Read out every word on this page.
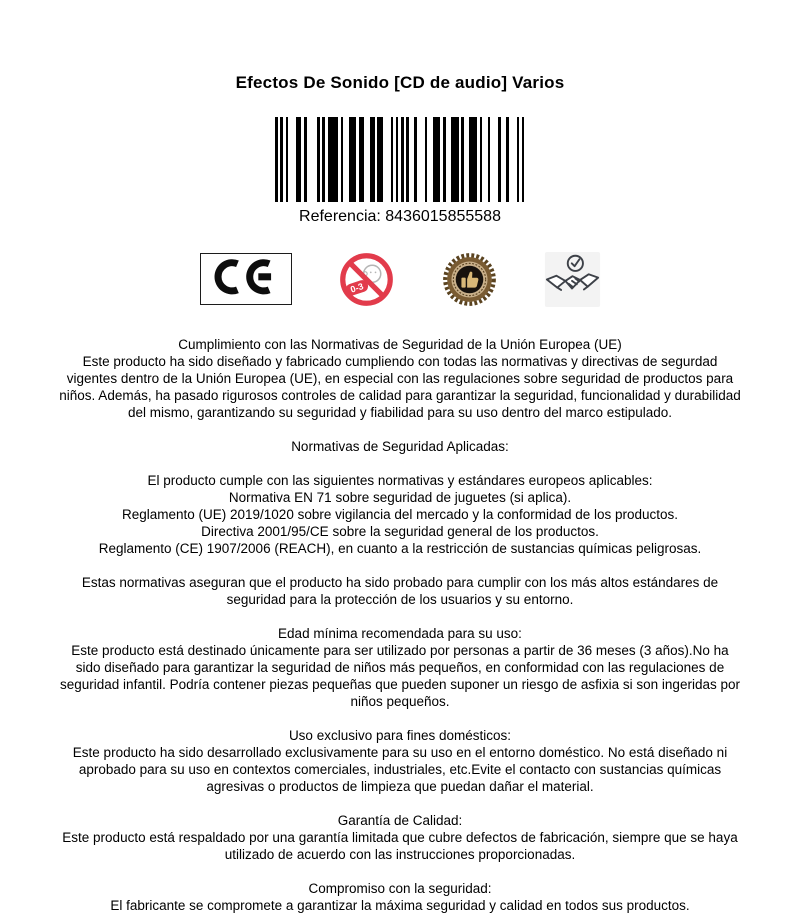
Efectos De Sonido [CD de audio] Varios
Referencia: 8436015855588
0-3
Cumplimiento con las Normativas de Seguridad de la Unión Europea (UE)
Este producto ha sido diseñado y fabricado cumpliendo con todas las normativas y directivas de segurdad vigentes dentro de la Unión Europea (UE), en especial con las regulaciones sobre seguridad de productos para niños. Además, ha pasado rigurosos controles de calidad para garantizar la seguridad, funcionalidad y durabilidad del mismo, garantizando su seguridad y fiabilidad para su uso dentro del marco estipulado.
Normativas de Seguridad Aplicadas:
El producto cumple con las siguientes normativas y estándares europeos aplicables:
Normativa EN 71 sobre seguridad de juguetes (si aplica).
Reglamento (UE) 2019/1020 sobre vigilancia del mercado y la conformidad de los productos.
Directiva 2001/95/CE sobre la seguridad general de los productos.
Reglamento (CE) 1907/2006 (REACH), en cuanto a la restricción de sustancias químicas peligrosas.
Estas normativas aseguran que el producto ha sido probado para cumplir con los más altos estándares de seguridad para la protección de los usuarios y su entorno.
Edad mínima recomendada para su uso:
Este producto está destinado únicamente para ser utilizado por personas a partir de 36 meses (3 años).No ha sido diseñado para garantizar la seguridad de niños más pequeños, en conformidad con las regulaciones de seguridad infantil. Podría contener piezas pequeñas que pueden suponer un riesgo de asfixia si son ingeridas por niños pequeños.
Uso exclusivo para fines domésticos:
Este producto ha sido desarrollado exclusivamente para su uso en el entorno doméstico. No está diseñado ni aprobado para su uso en contextos comerciales, industriales, etc.Evite el contacto con sustancias químicas agresivas o productos de limpieza que puedan dañar el material.
Garantía de Calidad:
Este producto está respaldado por una garantía limitada que cubre defectos de fabricación, siempre que se haya utilizado de acuerdo con las instrucciones proporcionadas.
Compromiso con la seguridad:
El fabricante se compromete a garantizar la máxima seguridad y calidad en todos sus productos.
